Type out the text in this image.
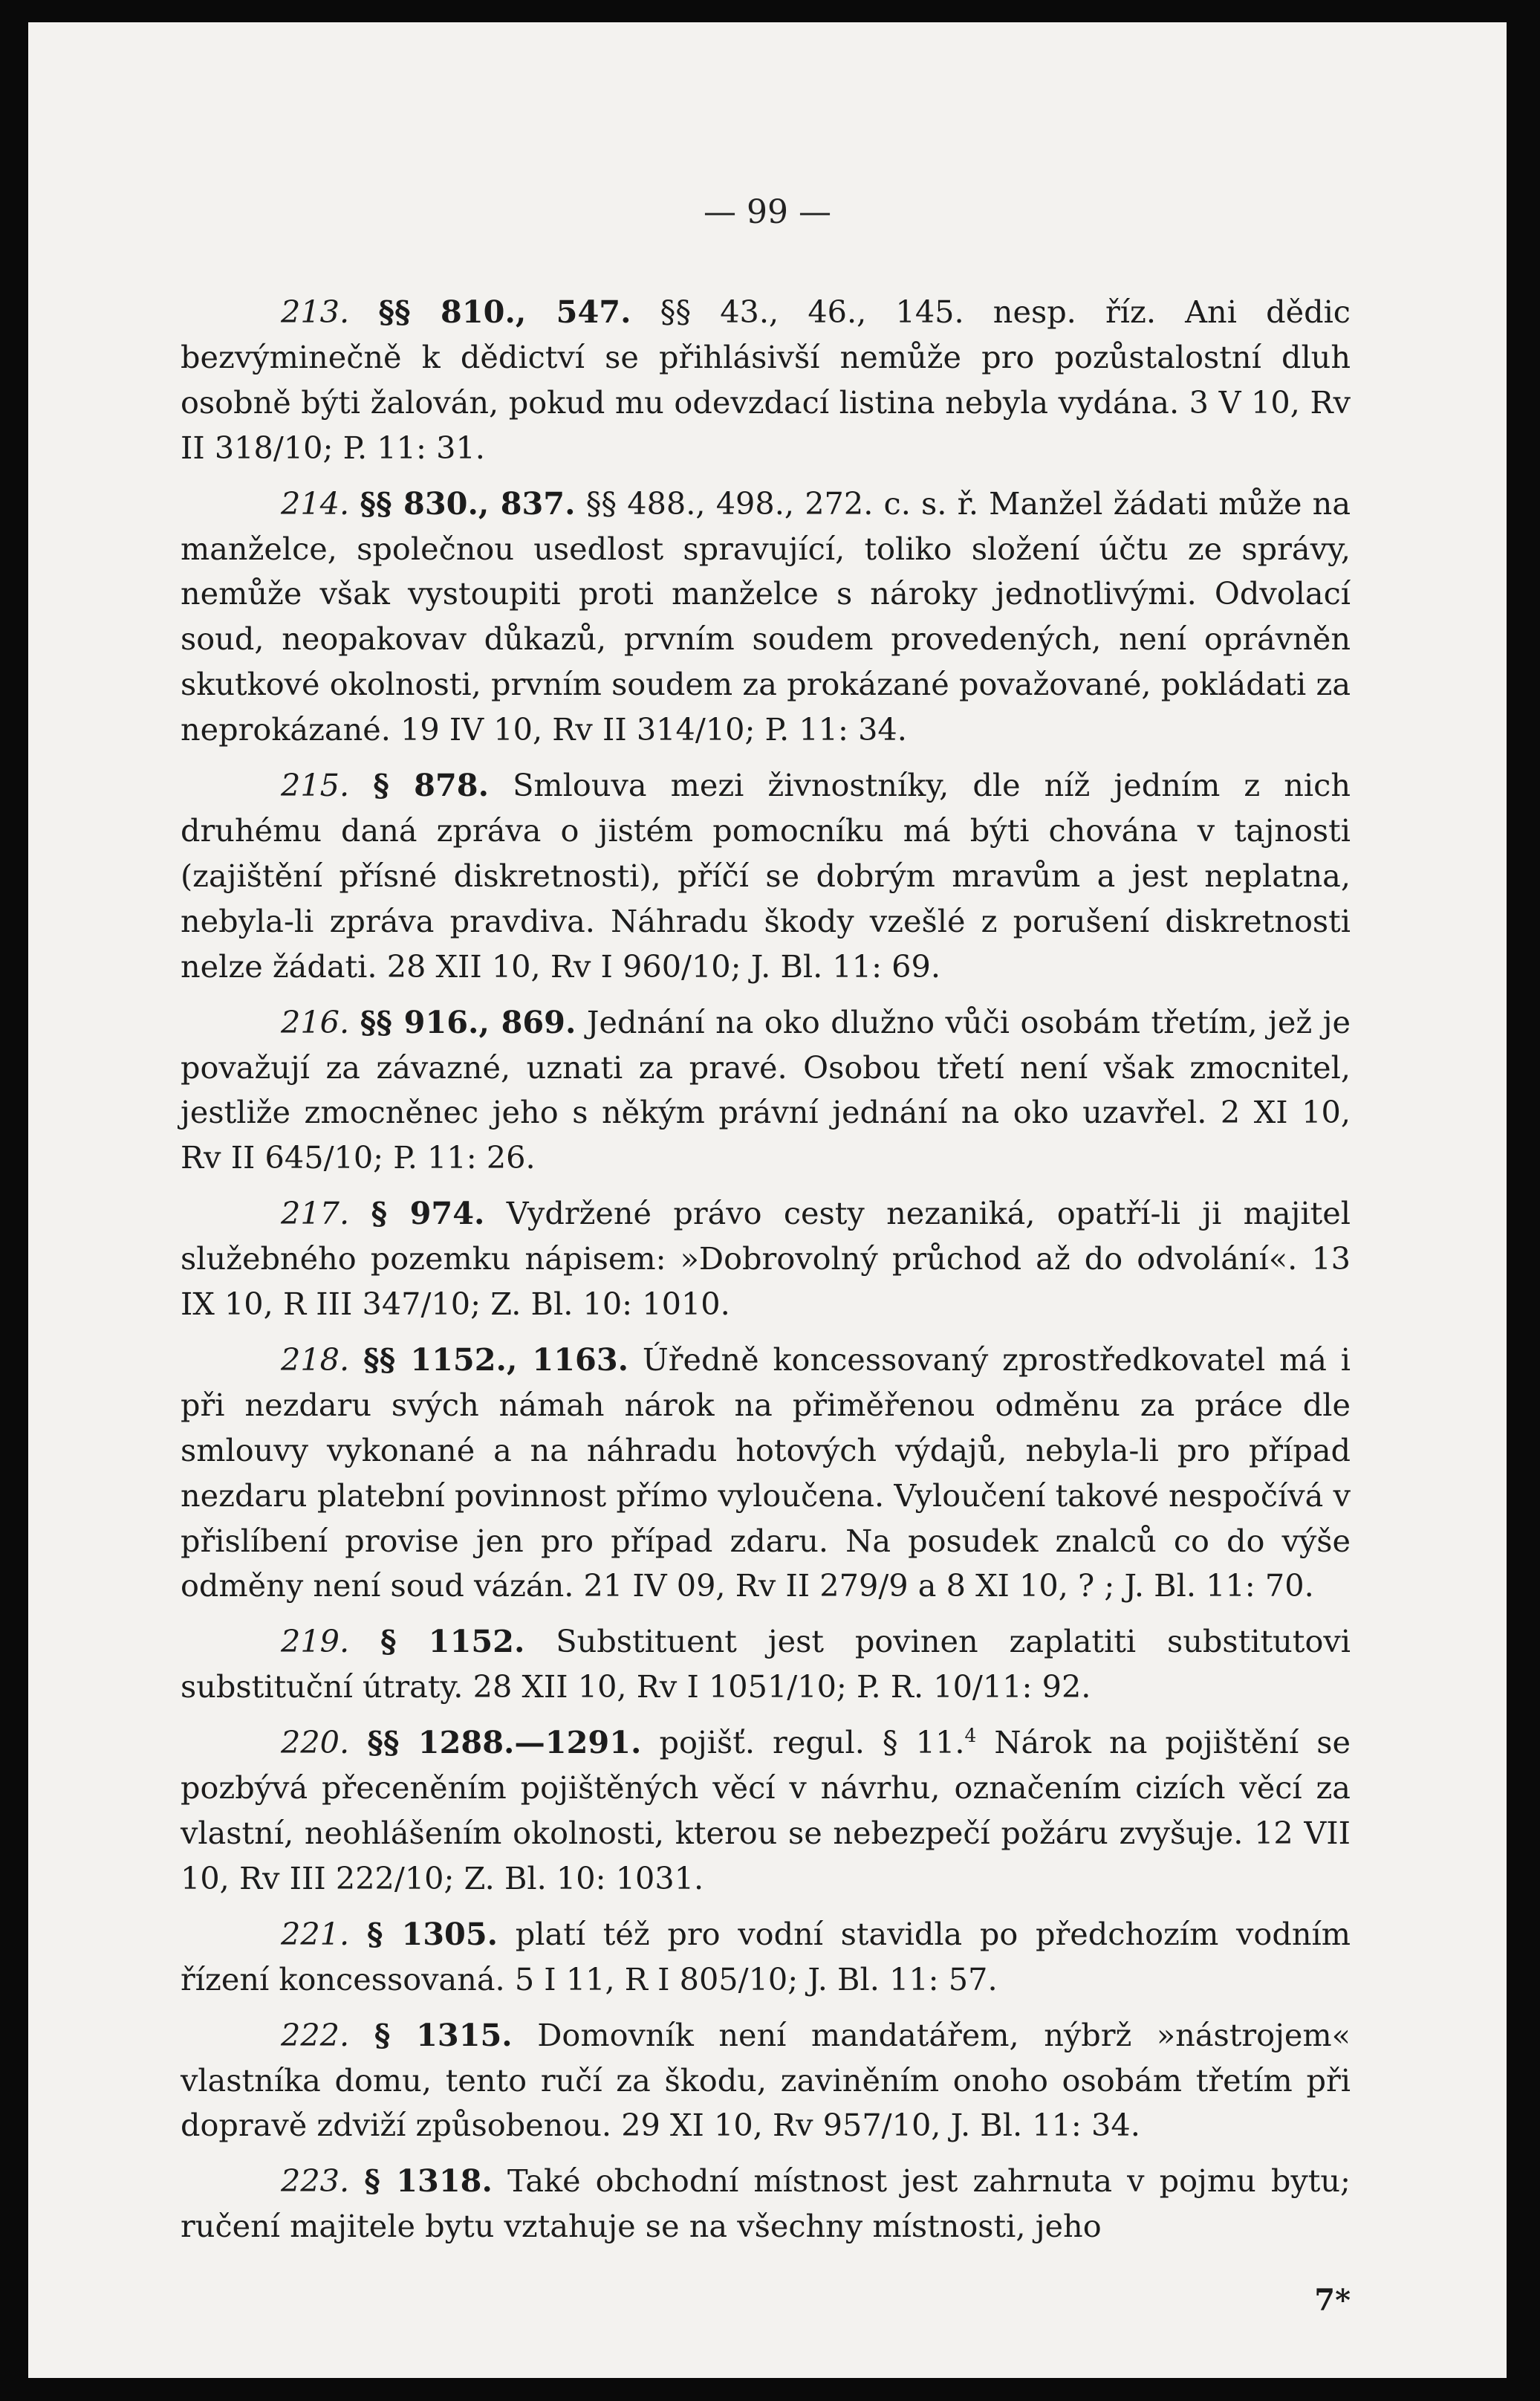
— 99 —

213. §§ 810., 547. §§ 43., 46., 145. nesp. říz. Ani dědic bezvýminečně k dědictví se přihlásivší nemůže pro pozůstalostní dluh osobně býti žalován, pokud mu odevzdací listina nebyla vydána. 3 V 10, Rv II 318/10; P. 11: 31.

214. §§ 830., 837. §§ 488., 498., 272. c. s. ř. Manžel žádati může na manželce, společnou usedlost spravující, toliko složení účtu ze správy, nemůže však vystoupiti proti manželce s nároky jednotlivými. Odvolací soud, neopakovav důkazů, prvním soudem provedených, není oprávněn skutkové okolnosti, prvním soudem za prokázané považované, pokládati za neprokázané. 19 IV 10, Rv II 314/10; P. 11: 34.

215. § 878. Smlouva mezi živnostníky, dle níž jedním z nich druhému daná zpráva o jistém pomocníku má býti chována v tajnosti (zajištění přísné diskretnosti), příčí se dobrým mravům a jest neplatna, nebyla-li zpráva pravdiva. Náhradu škody vzešlé z porušení diskretnosti nelze žádati. 28 XII 10, Rv I 960/10; J. Bl. 11: 69.

216. §§ 916., 869. Jednání na oko dlužno vůči osobám třetím, jež je považují za závazné, uznati za pravé. Osobou třetí není však zmocnitel, jestliže zmocněnec jeho s někým právní jednání na oko uzavřel. 2 XI 10, Rv II 645/10; P. 11: 26.

217. § 974. Vydržené právo cesty nezaniká, opatří-li ji majitel služebného pozemku nápisem: »Dobrovolný průchod až do odvolání«. 13 IX 10, R III 347/10; Z. Bl. 10: 1010.

218. §§ 1152., 1163. Úředně koncessovaný zprostředkovatel má i při nezdaru svých námah nárok na přiměřenou odměnu za práce dle smlouvy vykonané a na náhradu hotových výdajů, nebyla-li pro případ nezdaru platební povinnost přímo vyloučena. Vyloučení takové nespočívá v přislíbení provise jen pro případ zdaru. Na posudek znalců co do výše odměny není soud vázán. 21 IV 09, Rv II 279/9 a 8 XI 10, ? ; J. Bl. 11: 70.

219. § 1152. Substituent jest povinen zaplatiti substitutovi substituční útraty. 28 XII 10, Rv I 1051/10; P. R. 10/11: 92.

220. §§ 1288.—1291. pojišť. regul. § 11.$^4$ Nárok na pojištění se pozbývá přeceněním pojištěných věcí v návrhu, označením cizích věcí za vlastní, neohlášením okolnosti, kterou se nebezpečí požáru zvyšuje. 12 VII 10, Rv III 222/10; Z. Bl. 10: 1031.

221. § 1305. platí též pro vodní stavidla po předchozím vodním řízení koncessovaná. 5 I 11, R I 805/10; J. Bl. 11: 57.

222. § 1315. Domovník není mandatářem, nýbrž »nástrojem« vlastníka domu, tento ručí za škodu, zaviněním onoho osobám třetím při dopravě zdviží způsobenou. 29 XI 10, Rv 957/10, J. Bl. 11: 34.

223. § 1318. Také obchodní místnost jest zahrnuta v pojmu bytu; ručení majitele bytu vztahuje se na všechny místnosti, jeho

7*
